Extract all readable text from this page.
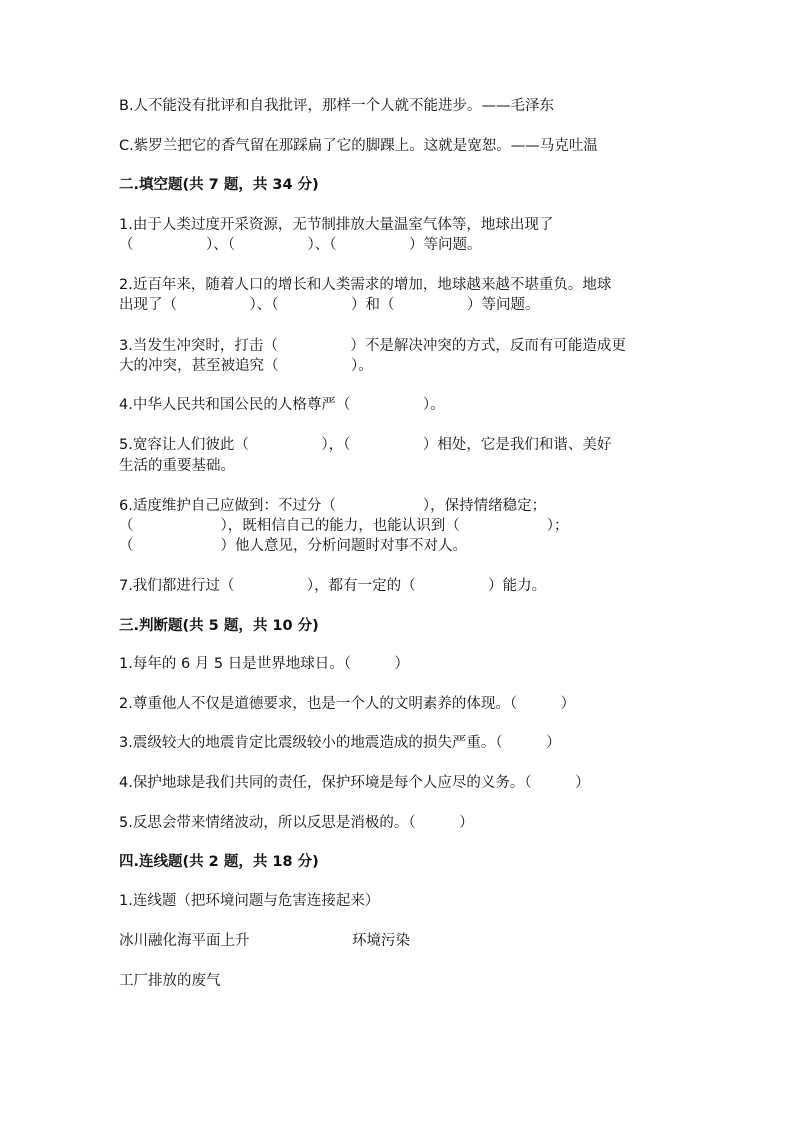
B.人不能没有批评和自我批评，那样一个人就不能进步。——毛泽东
C.紫罗兰把它的香气留在那踩扁了它的脚踝上。这就是宽恕。——马克吐温
二.填空题(共 7 题，共 34 分)
1.由于人类过度开采资源，无节制排放大量温室气体等，地球出现了
（　　　　　）、（　　　　　）、（　　　　　）等问题。
2.近百年来，随着人口的增长和人类需求的增加，地球越来越不堪重负。地球
出现了（　　　　　）、（　　　　　）和（　　　　　）等问题。
3.当发生冲突时，打击（　　　　　）不是解决冲突的方式，反而有可能造成更
大的冲突，甚至被追究（　　　　　）。
4.中华人民共和国公民的人格尊严（　　　　　）。
5.宽容让人们彼此（　　　　　），（　　　　　）相处，它是我们和谐、美好
生活的重要基础。
6.适度维护自己应做到：不过分（　　　　　　），保持情绪稳定；
（　　　　　　），既相信自己的能力，也能认识到（　　　　　　）；
（　　　　　　）他人意见，分析问题时对事不对人。
7.我们都进行过（　　　　　），都有一定的（　　　　　）能力。
三.判断题(共 5 题，共 10 分)
1.每年的 6 月 5 日是世界地球日。（　　　）
2.尊重他人不仅是道德要求，也是一个人的文明素养的体现。（　　　）
3.震级较大的地震肯定比震级较小的地震造成的损失严重。（　　　）
4.保护地球是我们共同的责任，保护环境是每个人应尽的义务。（　　　）
5.反思会带来情绪波动，所以反思是消极的。（　　　）
四.连线题(共 2 题，共 18 分)
1.连线题（把环境问题与危害连接起来）
冰川融化海平面上升	环境污染
工厂排放的废气
